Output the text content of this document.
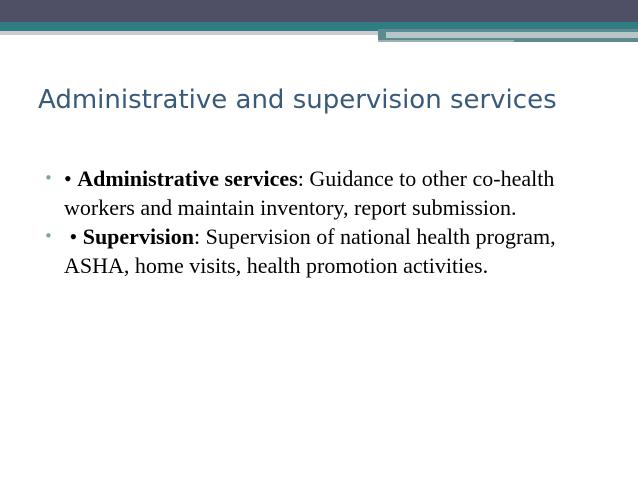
Administrative and supervision services
• • Administrative services: Guidance to other co-health workers and maintain inventory, report submission.
• • Supervision: Supervision of national health program, ASHA, home visits, health promotion activities.
